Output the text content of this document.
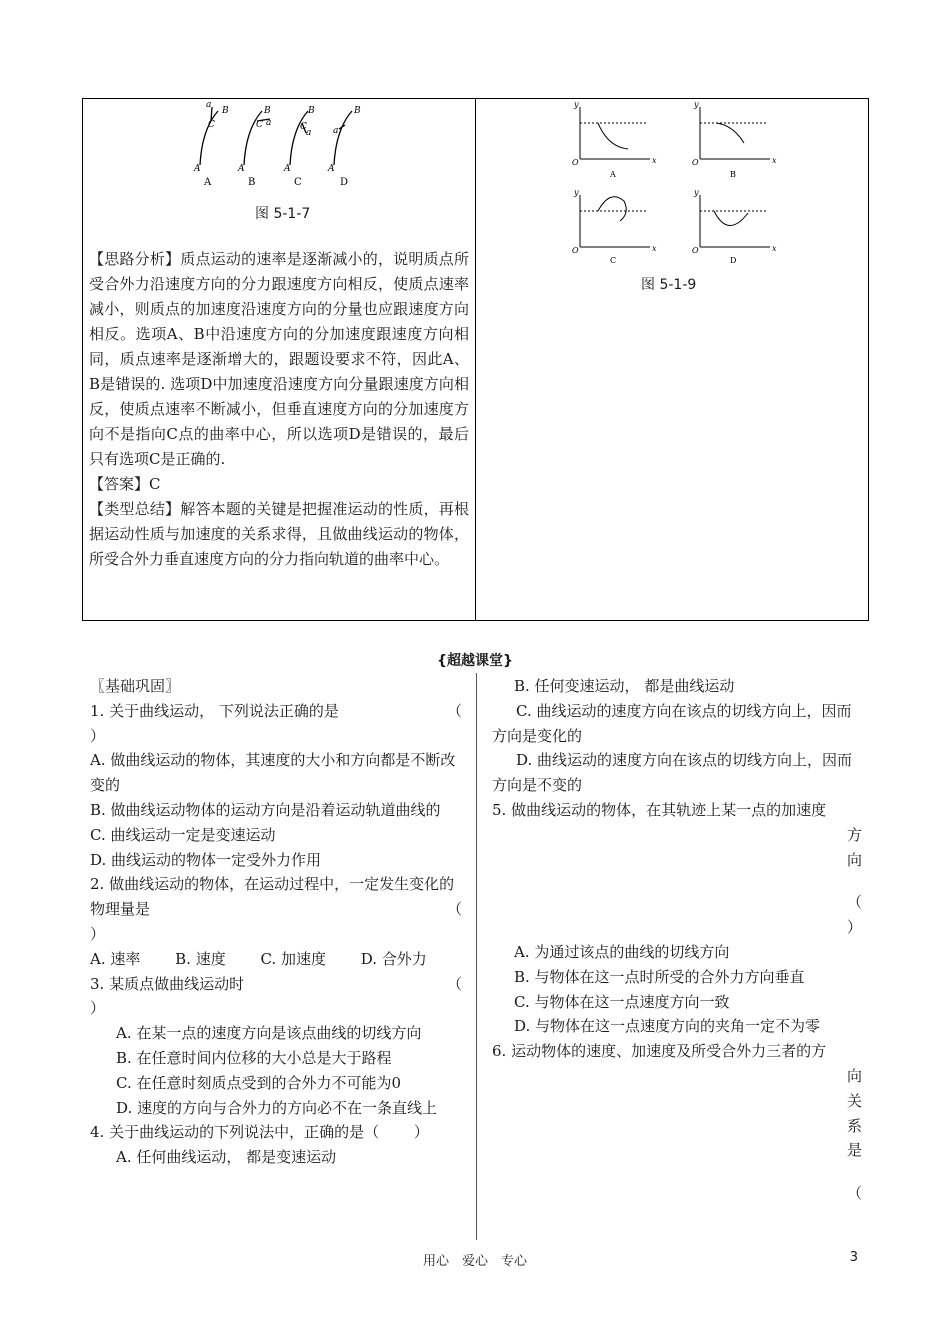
a
B
C
B
a
C
B
C
a a
B
A	A	A	A
A	B	C	D
图 5-1-7

【思路分析】质点运动的速率是逐渐减小的，说明质点所受合外力沿速度方向的分力跟速度方向相反，使质点速率减小，则质点的加速度沿速度方向的分量也应跟速度方向相反。选项A、B中沿速度方向的分加速度跟速度方向相同，质点速率是逐渐增大的，跟题设要求不符，因此A、B是错误的. 选项D中加速度沿速度方向分量跟速度方向相反，使质点速率不断减小，但垂直速度方向的分加速度方向不是指向C点的曲率中心，所以选项D是错误的，最后只有选项C是正确的.

【答案】C

【类型总结】解答本题的关键是把握准运动的性质，再根据运动性质与加速度的关系求得，且做曲线运动的物体，所受合外力垂直速度方向的分力指向轨道的曲率中心。

y
O	x
y
O	x
y
O	x
y
O	x
A	B
C	D
图 5-1-9
{超越课堂}

〖基础巩固〗

1. 关于曲线运动， 下列说法正确的是	（

）

A. 做曲线运动的物体，其速度的大小和方向都是不断改变的

B. 做曲线运动物体的运动方向是沿着运动轨道曲线的

C. 曲线运动一定是变速运动

D. 曲线运动的物体一定受外力作用

2. 做曲线运动的物体，在运动过程中，一定发生变化的物理量是	（

）

A. 速率　　 B. 速度　　 C. 加速度　　 D. 合外力

3. 某质点做曲线运动时	（

）

A. 在某一点的速度方向是该点曲线的切线方向

B. 在任意时间内位移的大小总是大于路程

C. 在任意时刻质点受到的合外力不可能为0

D. 速度的方向与合外力的方向必不在一条直线上

4. 关于曲线运动的下列说法中，正确的是（　　 ）

A. 任何曲线运动， 都是变速运动

B. 任何变速运动， 都是曲线运动

C. 曲线运动的速度方向在该点的切线方向上，因而方向是变化的

D. 曲线运动的速度方向在该点的切线方向上，因而方向是不变的

5. 做曲线运动的物体，在其轨迹上某一点的加速度

方

向

（

）

A. 为通过该点的曲线的切线方向

B. 与物体在这一点时所受的合外力方向垂直

C. 与物体在这一点速度方向一致

D. 与物体在这一点速度方向的夹角一定不为零

6. 运动物体的速度、加速度及所受合外力三者的方

向

关

系

是

（

用心　爱心　专心	3
